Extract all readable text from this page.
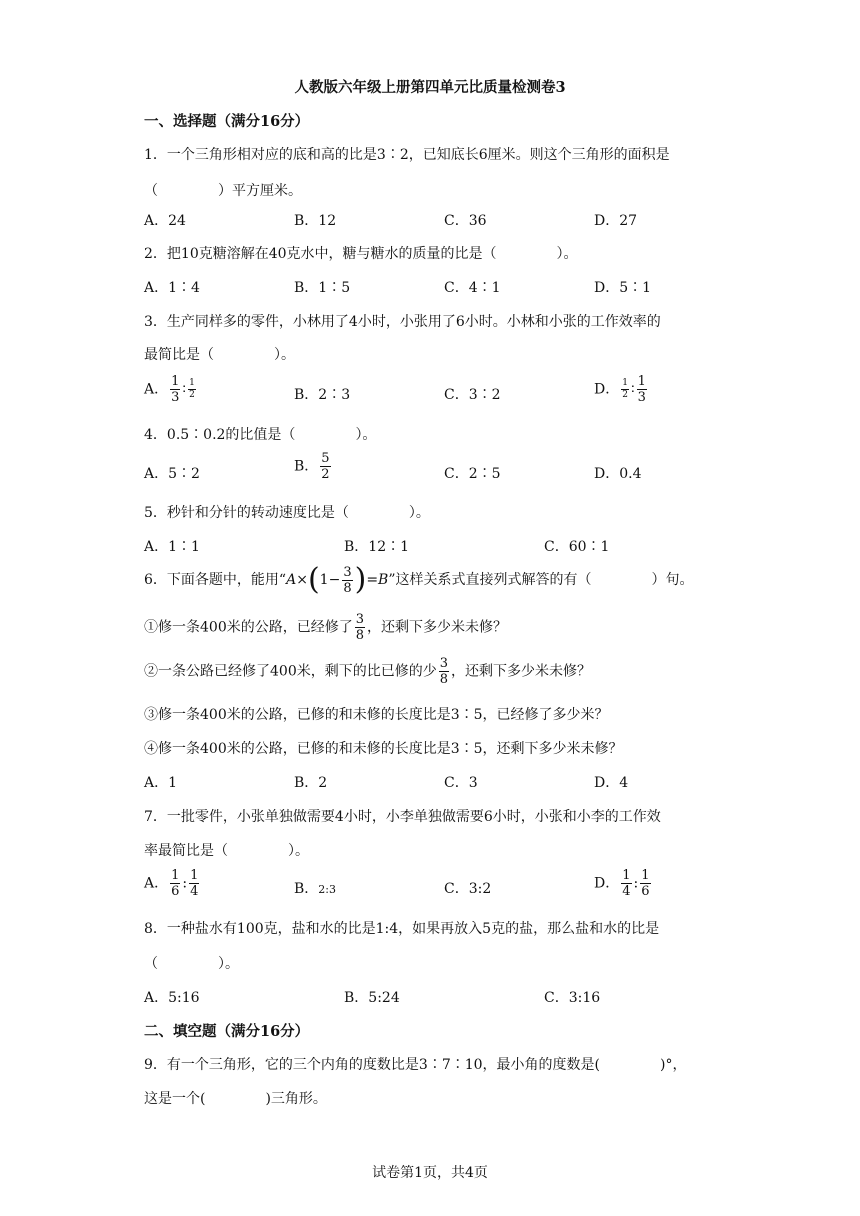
人教版六年级上册第四单元比质量检测卷3
一、选择题（满分16分）
1．一个三角形相对应的底和高的比是3∶2，已知底长6厘米。则这个三角形的面积是
（	）平方厘米。
A．24	B．12	C．36	D．27
2．把10克糖溶解在40克水中，糖与糖水的质量的比是（	）。
A．1∶4	B．1∶5	C．4∶1	D．5∶1
3．生产同样多的零件，小林用了4小时，小张用了6小时。小林和小张的工作效率的
最简比是（	）。
A． $\frac{1}{3}$ ∶ $\frac{1}{2}$	B．2∶3	C．3∶2	D． $\frac{1}{2}$ ∶ $\frac{1}{3}$
4．0.5∶0.2的比值是（	）。
A．5∶2	B． $\frac{5}{2}$	C．2∶5	D．0.4
5．秒针和分针的转动速度比是（	）。
A．1∶1	B．12∶1	C．60∶1
6．下面各题中，能用“$A\times(1- \frac{3}{8} )=B$”这样关系式直接列式解答的有（	）句。
①修一条400米的公路，已经修了 $\frac{3}{8}$ ，还剩下多少米未修？
②一条公路已经修了400米，剩下的比已修的少 $\frac{3}{8}$ ，还剩下多少米未修？
③修一条400米的公路，已修的和未修的长度比是3∶5，已经修了多少米？
④修一条400米的公路，已修的和未修的长度比是3∶5，还剩下多少米未修？
A．1	B．2	C．3	D．4
7．一批零件，小张单独做需要4小时，小李单独做需要6小时，小张和小李的工作效
率最简比是（	）。
A． $\frac{1}{6}$ : $\frac{1}{4}$	B．2:3	C．3:2	D． $\frac{1}{4}$ : $\frac{1}{6}$
8．一种盐水有100克，盐和水的比是1:4，如果再放入5克的盐，那么盐和水的比是
（	）。
A．5:16	B．5:24	C．3:16
二、填空题（满分16分）
9．有一个三角形，它的三个内角的度数比是3∶7∶10，最小角的度数是(	)°，
这是一个(	)三角形。
试卷第1页，共4页
